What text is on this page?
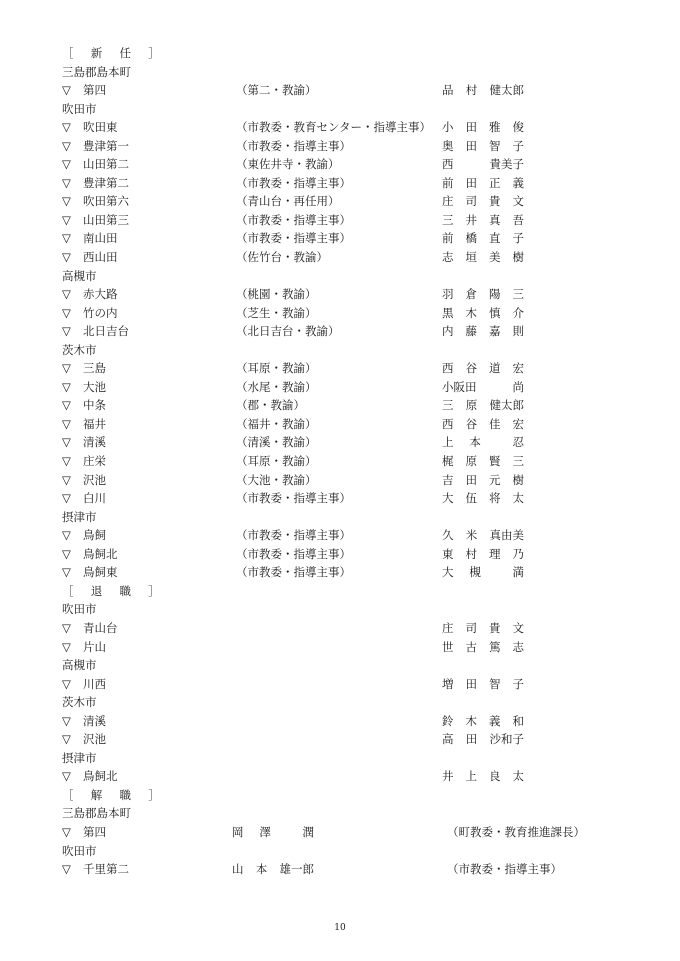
［　新　任　］
三島郡島本町
▽ 第四	（第二・教諭）	品 村 健太郎
吹田市
▽ 吹田東	（市教委・教育センター・指導主事） 小 田 雅 俊
▽ 豊津第一	（市教委・指導主事）	奥 田 智 子
▽ 山田第二	（東佐井寺・教諭）	西	貴美子
▽ 豊津第二	（市教委・指導主事）	前 田 正 義
▽ 吹田第六	（青山台・再任用）	庄 司 貴 文
▽ 山田第三	（市教委・指導主事）	三 井 真 吾
▽ 南山田	（市教委・指導主事）	前 橋 直 子
▽ 西山田	（佐竹台・教諭）	志 垣 美 樹
高槻市
▽ 赤大路	（桃園・教諭）	羽 倉 陽 三
▽ 竹の内	（芝生・教諭）	黒 木 慎 介
▽ 北日吉台	（北日吉台・教諭）	内 藤 嘉 則
茨木市
▽ 三島	（耳原・教諭）	西 谷 道 宏
▽ 大池	（水尾・教諭）	小阪田	尚
▽ 中条	（郡・教諭）	三 原 健太郎
▽ 福井	（福井・教諭）	西 谷 佳 宏
▽ 清溪	（清溪・教諭）	上 本	忍
▽ 庄栄	（耳原・教諭）	梶 原 賢 三
▽ 沢池	（大池・教諭）	吉 田 元 樹
▽ 白川	（市教委・指導主事）	大 伍 将 太
摂津市
▽ 鳥飼	（市教委・指導主事）	久 米 真由美
▽ 鳥飼北	（市教委・指導主事）	東 村 理 乃
▽ 鳥飼東	（市教委・指導主事）	大 槻	満
［　退　職　］
吹田市
▽ 青山台	庄 司 貴 文
▽ 片山	世 古 篤 志
高槻市
▽ 川西	増 田 智 子
茨木市
▽ 清溪	鈴 木 義 和
▽ 沢池	高 田 沙和子
摂津市
▽ 鳥飼北	井 上 良 太
［　解　職　］
三島郡島本町
▽ 第四	岡 澤	潤	（町教委・教育推進課長）
吹田市
▽ 千里第二	山 本 雄一郎	（市教委・指導主事）
10
